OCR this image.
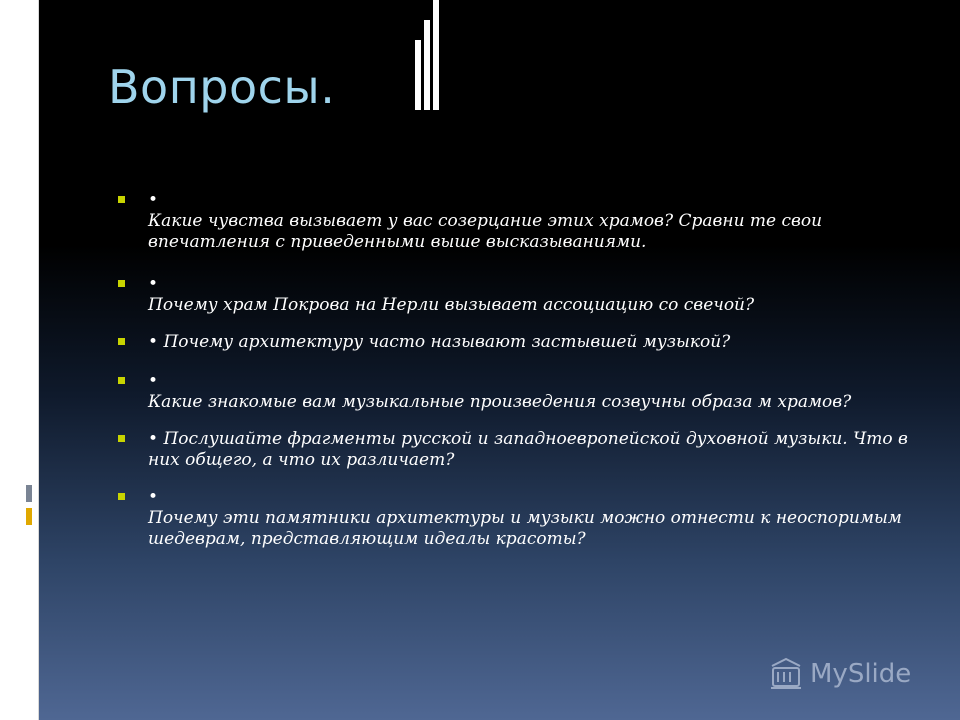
Вопросы.
•
Какие чувства вызывает у вас созерцание этих храмов? Сравни те свои впечатления с приведенными выше высказываниями.
•
Почему храм Покрова на Нерли вызывает ассоциацию со свечой?
• Почему архитектуру часто называют застывшей музыкой?
•
Какие знакомые вам музыкальные произведения созвучны образа м храмов?
• Послушайте фрагменты русской и западноевропейской духовной музыки. Что в них общего, а что их различает?
•
Почему эти памятники архитектуры и музыки можно отнести к неоспоримым шедеврам, представляющим идеалы красоты?
MySlide
